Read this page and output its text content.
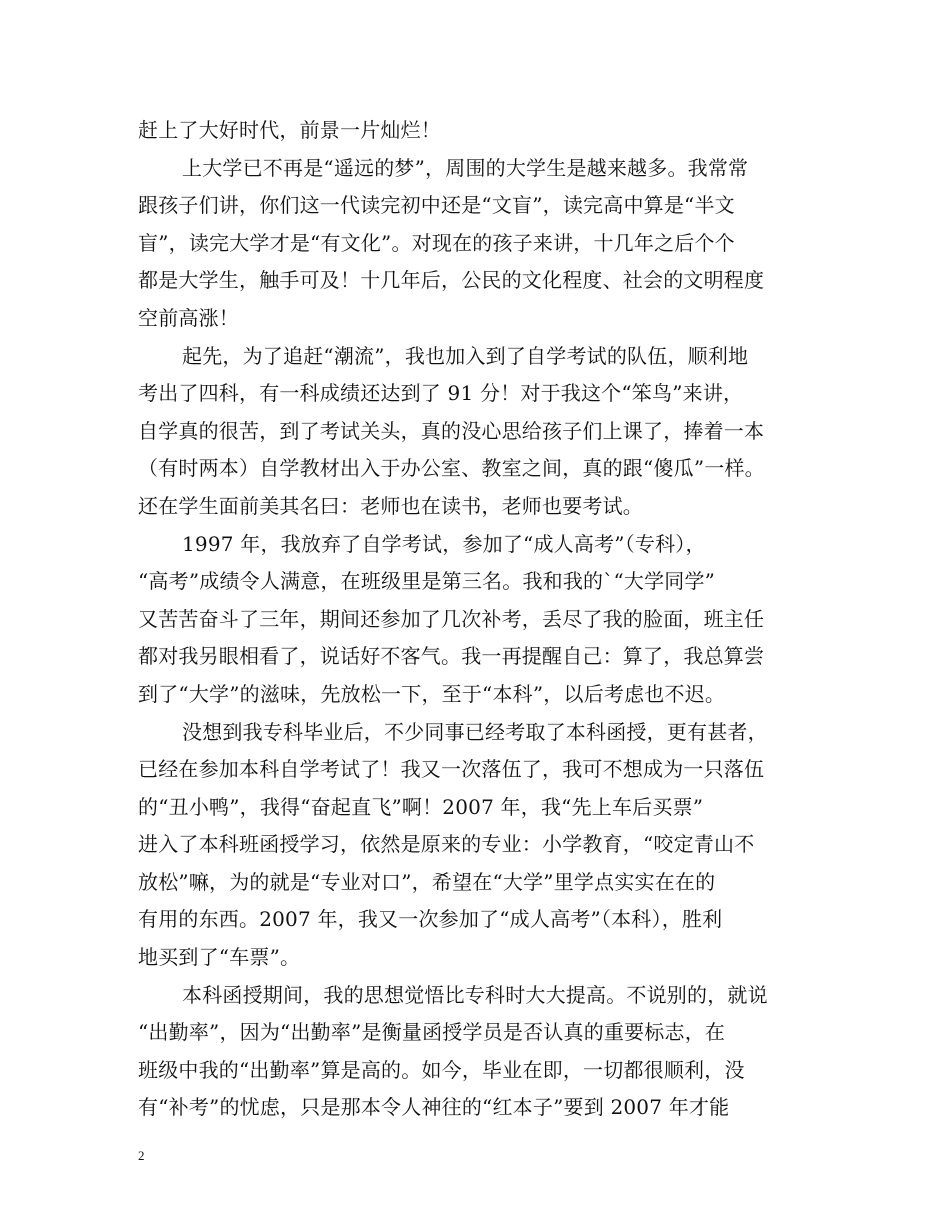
赶上了大好时代，前景一片灿烂！
上大学已不再是“遥远的梦”，周围的大学生是越来越多。我常常
跟孩子们讲，你们这一代读完初中还是“文盲”，读完高中算是“半文
盲”，读完大学才是“有文化”。对现在的孩子来讲，十几年之后个个
都是大学生，触手可及！十几年后，公民的文化程度、社会的文明程度
空前高涨！
起先，为了追赶“潮流”，我也加入到了自学考试的队伍，顺利地
考出了四科，有一科成绩还达到了 91 分！对于我这个“笨鸟”来讲，
自学真的很苦，到了考试关头，真的没心思给孩子们上课了，捧着一本
（有时两本）自学教材出入于办公室、教室之间，真的跟“傻瓜”一样。
还在学生面前美其名曰：老师也在读书，老师也要考试。
1997 年，我放弃了自学考试，参加了“成人高考”（专科），
“高考”成绩令人满意，在班级里是第三名。我和我的`“大学同学”
又苦苦奋斗了三年，期间还参加了几次补考，丢尽了我的脸面，班主任
都对我另眼相看了，说话好不客气。我一再提醒自己：算了，我总算尝
到了“大学”的滋味，先放松一下，至于“本科”，以后考虑也不迟。
没想到我专科毕业后，不少同事已经考取了本科函授，更有甚者，
已经在参加本科自学考试了！我又一次落伍了，我可不想成为一只落伍
的“丑小鸭”，我得“奋起直飞”啊！2007 年，我“先上车后买票”
进入了本科班函授学习，依然是原来的专业：小学教育，“咬定青山不
放松”嘛，为的就是“专业对口”，希望在“大学”里学点实实在在的
有用的东西。2007 年，我又一次参加了“成人高考”（本科），胜利
地买到了“车票”。
本科函授期间，我的思想觉悟比专科时大大提高。不说别的，就说
“出勤率”，因为“出勤率”是衡量函授学员是否认真的重要标志，在
班级中我的“出勤率”算是高的。如今，毕业在即，一切都很顺利，没
有“补考”的忧虑，只是那本令人神往的“红本子”要到 2007 年才能
2
